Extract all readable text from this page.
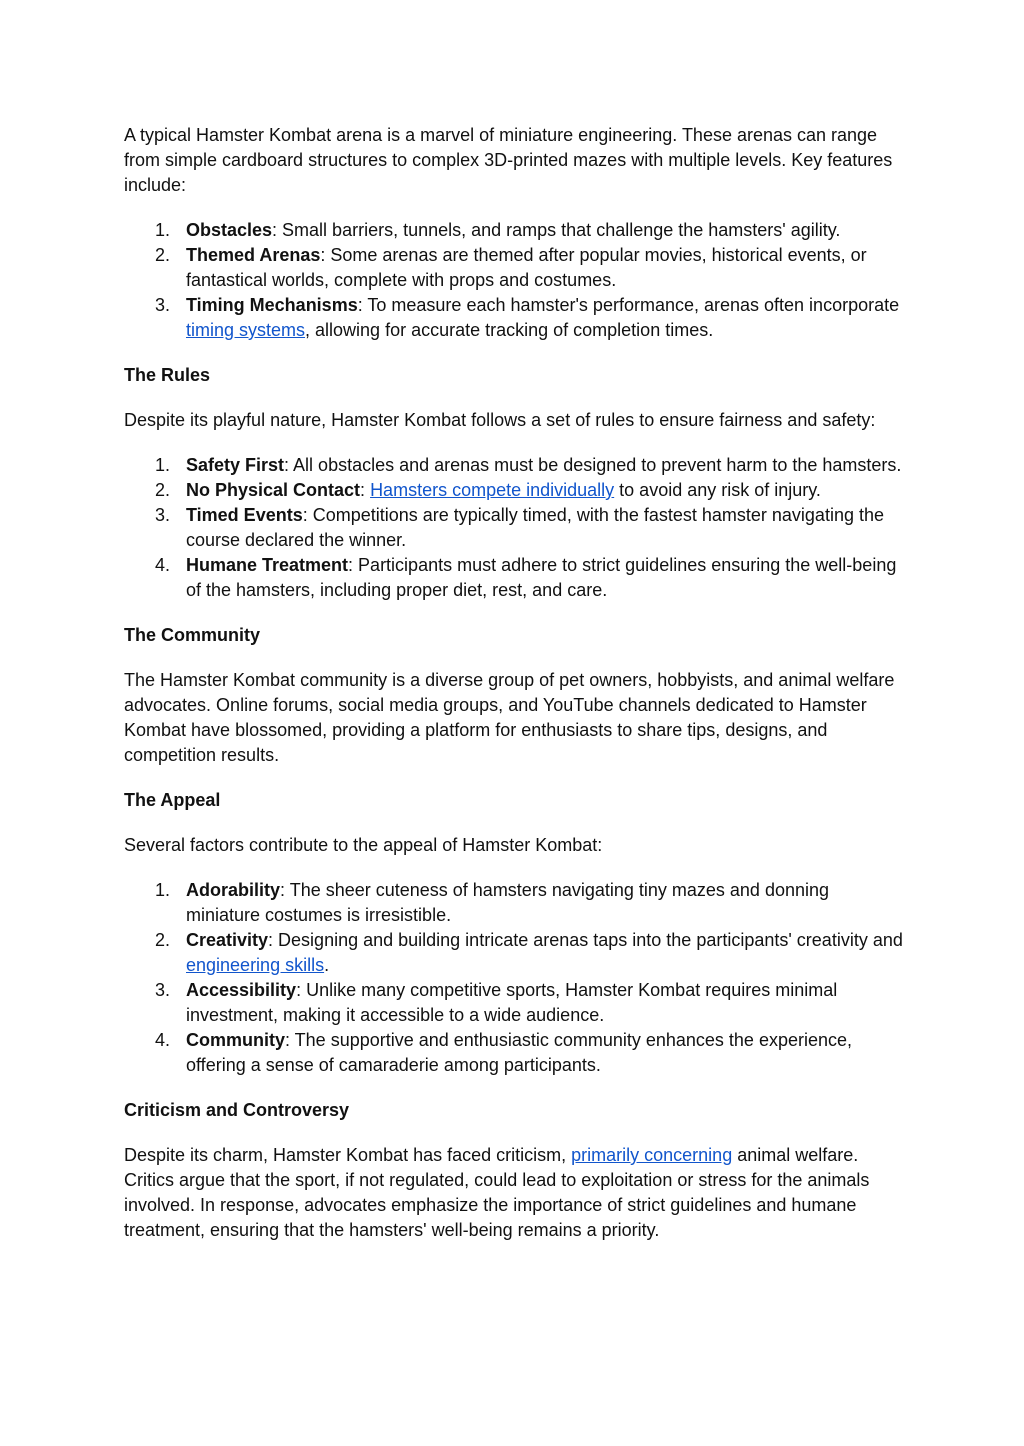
A typical Hamster Kombat arena is a marvel of miniature engineering. These arenas can range from simple cardboard structures to complex 3D-printed mazes with multiple levels. Key features include:

1. Obstacles: Small barriers, tunnels, and ramps that challenge the hamsters' agility.
2. Themed Arenas: Some arenas are themed after popular movies, historical events, or fantastical worlds, complete with props and costumes.
3. Timing Mechanisms: To measure each hamster's performance, arenas often incorporate timing systems, allowing for accurate tracking of completion times.
The Rules

Despite its playful nature, Hamster Kombat follows a set of rules to ensure fairness and safety:

1. Safety First: All obstacles and arenas must be designed to prevent harm to the hamsters.
2. No Physical Contact: Hamsters compete individually to avoid any risk of injury.
3. Timed Events: Competitions are typically timed, with the fastest hamster navigating the course declared the winner.
4. Humane Treatment: Participants must adhere to strict guidelines ensuring the well-being of the hamsters, including proper diet, rest, and care.
The Community

The Hamster Kombat community is a diverse group of pet owners, hobbyists, and animal welfare advocates. Online forums, social media groups, and YouTube channels dedicated to Hamster Kombat have blossomed, providing a platform for enthusiasts to share tips, designs, and competition results.

The Appeal

Several factors contribute to the appeal of Hamster Kombat:

1. Adorability: The sheer cuteness of hamsters navigating tiny mazes and donning miniature costumes is irresistible.
2. Creativity: Designing and building intricate arenas taps into the participants' creativity and engineering skills.
3. Accessibility: Unlike many competitive sports, Hamster Kombat requires minimal investment, making it accessible to a wide audience.
4. Community: The supportive and enthusiastic community enhances the experience, offering a sense of camaraderie among participants.
Criticism and Controversy

Despite its charm, Hamster Kombat has faced criticism, primarily concerning animal welfare. Critics argue that the sport, if not regulated, could lead to exploitation or stress for the animals involved. In response, advocates emphasize the importance of strict guidelines and humane treatment, ensuring that the hamsters' well-being remains a priority.
